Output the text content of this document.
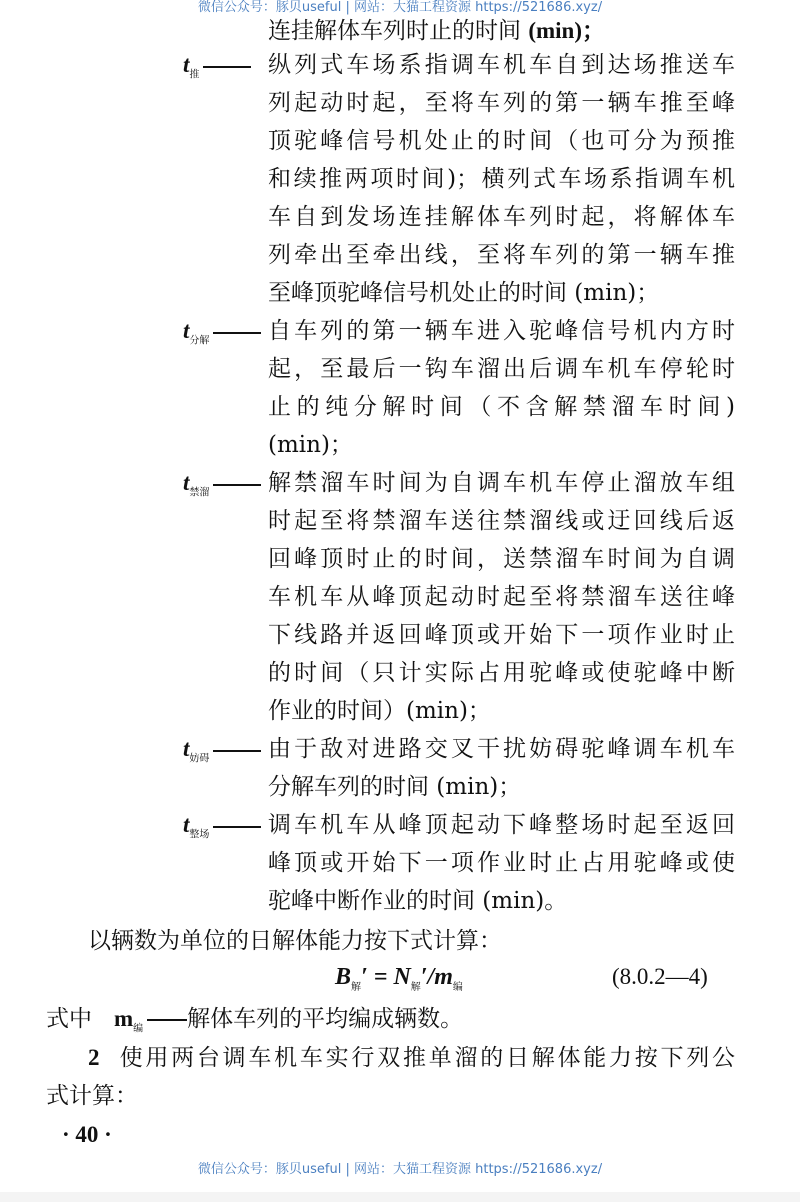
微信公众号：豚贝useful | 网站：大猫工程资源 https://521686.xyz/
连挂解体车列时止的时间 (min)；
$t_推$	纵列式车场系指调车机车自到达场推送车
列起动时起，至将车列的第一辆车推至峰
顶驼峰信号机处止的时间（也可分为预推
和续推两项时间)；横列式车场系指调车机
车自到发场连挂解体车列时起，将解体车
列牵出至牵出线，至将车列的第一辆车推
至峰顶驼峰信号机处止的时间 (min)；
$t_{分解}$	自车列的第一辆车进入驼峰信号机内方时
起，至最后一钩车溜出后调车机车停轮时
止的纯分解时间（不含解禁溜车时间)
(min)；
$t_{禁溜}$	解禁溜车时间为自调车机车停止溜放车组
时起至将禁溜车送往禁溜线或迂回线后返
回峰顶时止的时间，送禁溜车时间为自调
车机车从峰顶起动时起至将禁溜车送往峰
下线路并返回峰顶或开始下一项作业时止
的时间（只计实际占用驼峰或使驼峰中断
作业的时间）(min)；
$t_{妨碍}$	由于敌对进路交叉干扰妨碍驼峰调车机车
分解车列的时间 (min)；
$t_{整场}$	调车机车从峰顶起动下峰整场时起至返回
峰顶或开始下一项作业时止占用驼峰或使
驼峰中断作业的时间 (min)。
以辆数为单位的日解体能力按下式计算：
$B_解' = N_解'/m_编$	(8.0.2—4)
式中 $m_编$ 解体车列的平均编成辆数。
2 使用两台调车机车实行双推单溜的日解体能力按下列公
式计算：
· 40 ·
微信公众号：豚贝useful | 网站：大猫工程资源 https://521686.xyz/
